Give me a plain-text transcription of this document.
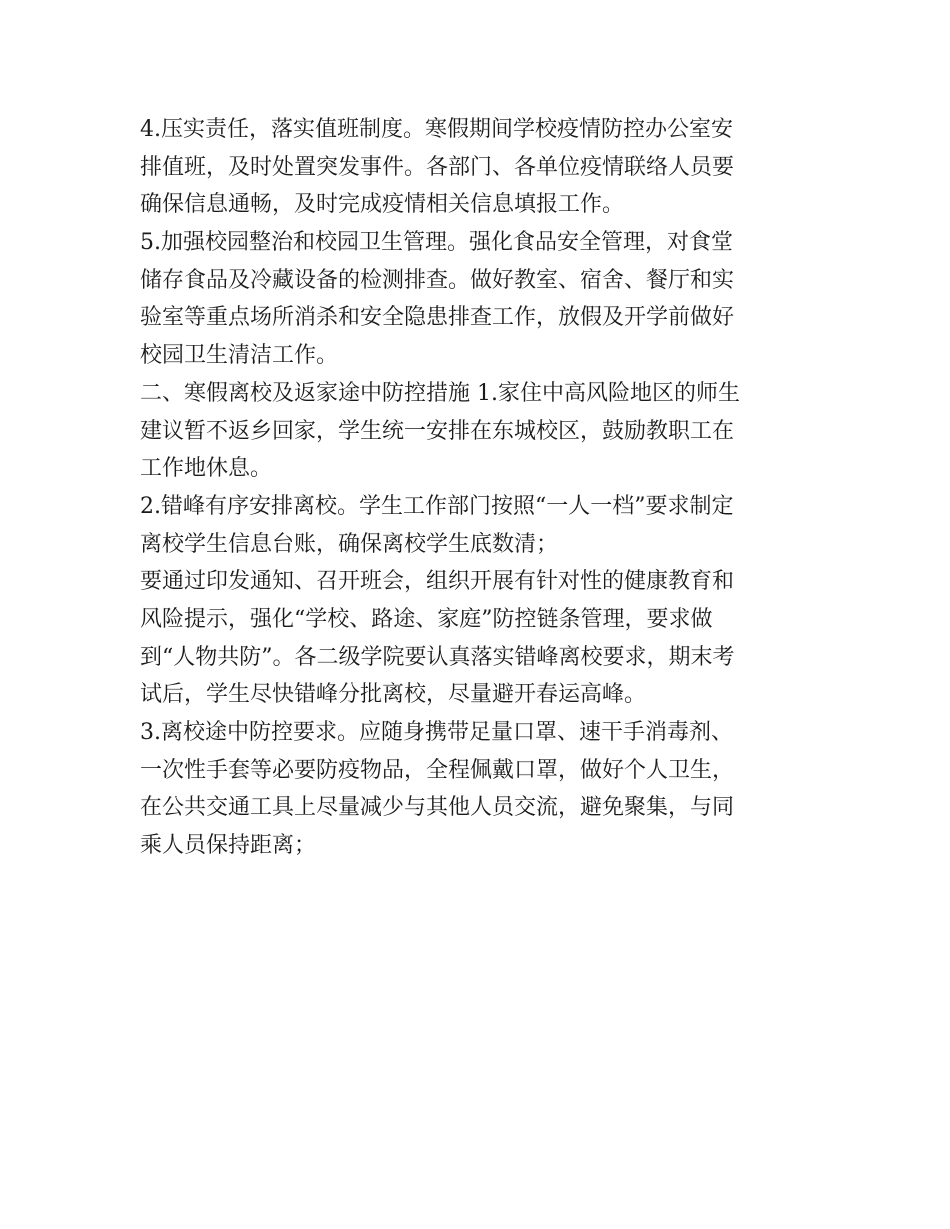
4.压实责任，落实值班制度。寒假期间学校疫情防控办公室安
排值班，及时处置突发事件。各部门、各单位疫情联络人员要
确保信息通畅，及时完成疫情相关信息填报工作。
5.加强校园整治和校园卫生管理。强化食品安全管理，对食堂
储存食品及冷藏设备的检测排查。做好教室、宿舍、餐厅和实
验室等重点场所消杀和安全隐患排查工作，放假及开学前做好
校园卫生清洁工作。
二、寒假离校及返家途中防控措施 1.家住中高风险地区的师生
建议暂不返乡回家，学生统一安排在东城校区，鼓励教职工在
工作地休息。
2.错峰有序安排离校。学生工作部门按照“一人一档”要求制定
离校学生信息台账，确保离校学生底数清；
要通过印发通知、召开班会，组织开展有针对性的健康教育和
风险提示，强化“学校、路途、家庭”防控链条管理，要求做
到“人物共防”。各二级学院要认真落实错峰离校要求，期末考
试后，学生尽快错峰分批离校，尽量避开春运高峰。
3.离校途中防控要求。应随身携带足量口罩、速干手消毒剂、
一次性手套等必要防疫物品，全程佩戴口罩，做好个人卫生，
在公共交通工具上尽量减少与其他人员交流，避免聚集，与同
乘人员保持距离；
